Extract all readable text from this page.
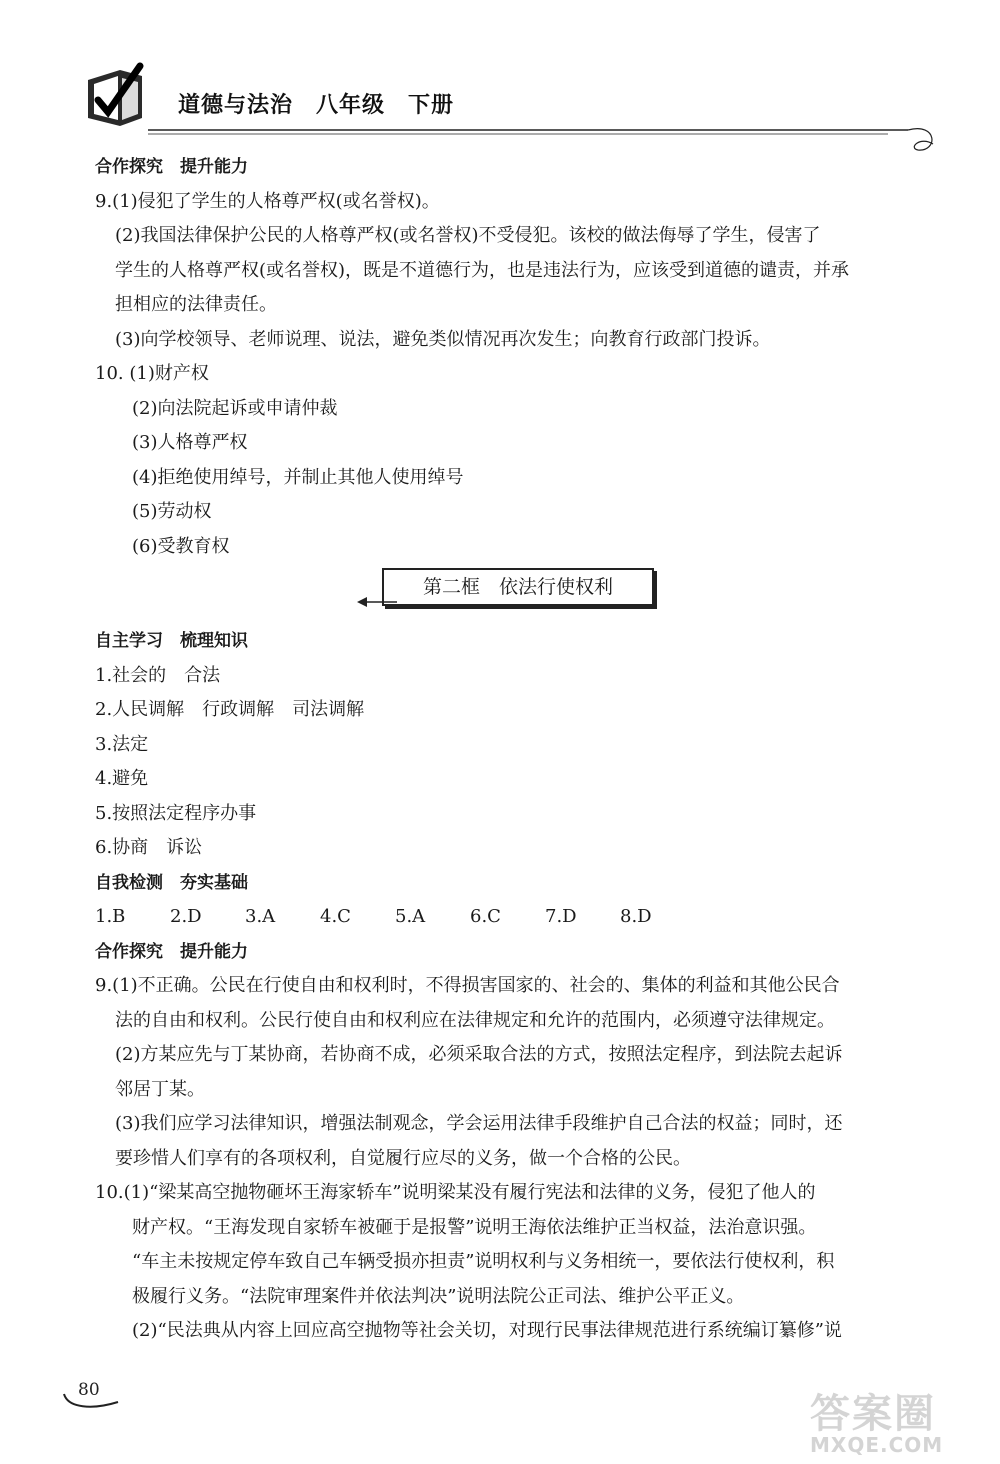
道德与法治　八年级　下册
合作探究　提升能力
9.(1)侵犯了学生的人格尊严权(或名誉权)。
(2)我国法律保护公民的人格尊严权(或名誉权)不受侵犯。该校的做法侮辱了学生，侵害了
学生的人格尊严权(或名誉权)，既是不道德行为，也是违法行为，应该受到道德的谴责，并承
担相应的法律责任。
(3)向学校领导、老师说理、说法，避免类似情况再次发生；向教育行政部门投诉。
10. (1)财产权
(2)向法院起诉或申请仲裁
(3)人格尊严权
(4)拒绝使用绰号，并制止其他人使用绰号
(5)劳动权
(6)受教育权
第二框　依法行使权利
自主学习　梳理知识
1.社会的　合法
2.人民调解　行政调解　司法调解
3.法定
4.避免
5.按照法定程序办事
6.协商　诉讼
自我检测　夯实基础
1.B	2.D	3.A	4.C	5.A	6.C	7.D	8.D
合作探究　提升能力
9.(1)不正确。公民在行使自由和权利时，不得损害国家的、社会的、集体的利益和其他公民合
法的自由和权利。公民行使自由和权利应在法律规定和允许的范围内，必须遵守法律规定。
(2)方某应先与丁某协商，若协商不成，必须采取合法的方式，按照法定程序，到法院去起诉
邻居丁某。
(3)我们应学习法律知识，增强法制观念，学会运用法律手段维护自己合法的权益；同时，还
要珍惜人们享有的各项权利，自觉履行应尽的义务，做一个合格的公民。
10.(1)“梁某高空抛物砸坏王海家轿车”说明梁某没有履行宪法和法律的义务，侵犯了他人的
财产权。“王海发现自家轿车被砸于是报警”说明王海依法维护正当权益，法治意识强。
“车主未按规定停车致自己车辆受损亦担责”说明权利与义务相统一，要依法行使权利，积
极履行义务。“法院审理案件并依法判决”说明法院公正司法、维护公平正义。
(2)“民法典从内容上回应高空抛物等社会关切，对现行民事法律规范进行系统编订纂修”说
80
答案圈
MXQE.COM
